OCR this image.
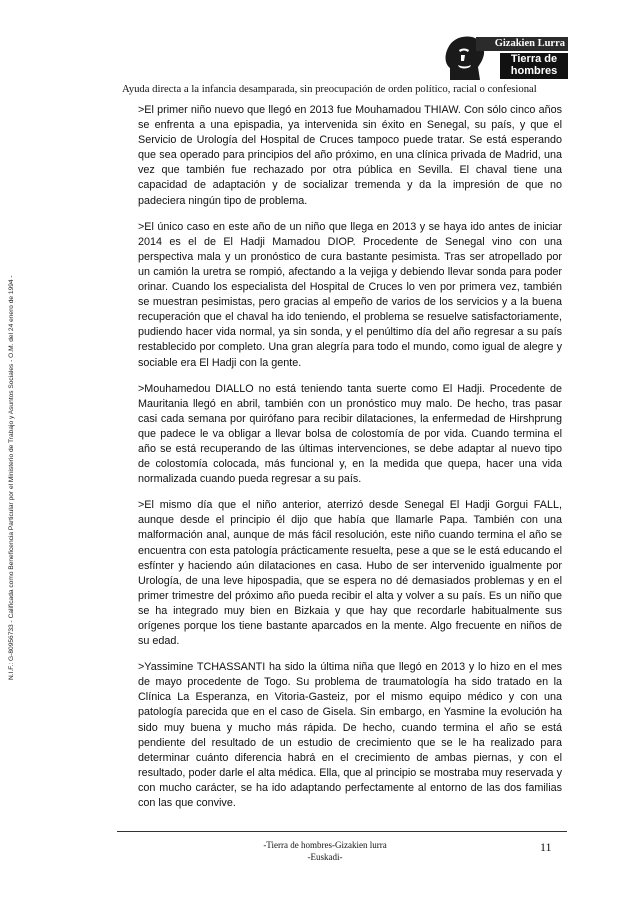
N.I.F.: G-80956733 - Calificada como Beneficencia Particular por el Ministerio de Trabajo y Asuntos Sociales - O.M. del 24 enero de 1994 -
Gizakien Lurra
Tierra de
hombres
Ayuda directa a la infancia desamparada, sin preocupación de orden político, racial o confesional

>El primer niño nuevo que llegó en 2013 fue Mouhamadou THIAW. Con sólo cinco años se enfrenta a una epispadia, ya intervenida sin éxito en Senegal, su país, y que el Servicio de Urología del Hospital de Cruces tampoco puede tratar. Se está esperando que sea operado para principios del año próximo, en una clínica privada de Madrid, una vez que también fue rechazado por otra pública en Sevilla. El chaval tiene una capacidad de adaptación y de socializar tremenda y da la impresión de que no padeciera ningún tipo de problema.

>El único caso en este año de un niño que llega en 2013 y se haya ido antes de iniciar 2014 es el de El Hadji Mamadou DIOP. Procedente de Senegal vino con una perspectiva mala y un pronóstico de cura bastante pesimista. Tras ser atropellado por un camión la uretra se rompió, afectando a la vejiga y debiendo llevar sonda para poder orinar. Cuando los especialista del Hospital de Cruces lo ven por primera vez, también se muestran pesimistas, pero gracias al empeño de varios de los servicios y a la buena recuperación que el chaval ha ido teniendo, el problema se resuelve satisfactoriamente, pudiendo hacer vida normal, ya sin sonda, y el penúltimo día del año regresar a su país restablecido por completo. Una gran alegría para todo el mundo, como igual de alegre y sociable era El Hadji con la gente.

>Mouhamedou DIALLO no está teniendo tanta suerte como El Hadji. Procedente de Mauritania llegó en abril, también con un pronóstico muy malo. De hecho, tras pasar casi cada semana por quirófano para recibir dilataciones, la enfermedad de Hirshprung que padece le va obligar a llevar bolsa de colostomía de por vida. Cuando termina el año se está recuperando de las últimas intervenciones, se debe adaptar al nuevo tipo de colostomía colocada, más funcional y, en la medida que quepa, hacer una vida normalizada cuando pueda regresar a su país.

>El mismo día que el niño anterior, aterrizó desde Senegal El Hadji Gorgui FALL, aunque desde el principio él dijo que había que llamarle Papa. También con una malformación anal, aunque de más fácil resolución, este niño cuando termina el año se encuentra con esta patología prácticamente resuelta, pese a que se le está educando el esfínter y haciendo aún dilataciones en casa. Hubo de ser intervenido igualmente por Urología, de una leve hipospadia, que se espera no dé demasiados problemas y en el primer trimestre del próximo año pueda recibir el alta y volver a su país. Es un niño que se ha integrado muy bien en Bizkaia y que hay que recordarle habitualmente sus orígenes porque los tiene bastante aparcados en la mente. Algo frecuente en niños de su edad.

>Yassimine TCHASSANTI ha sido la última niña que llegó en 2013 y lo hizo en el mes de mayo procedente de Togo. Su problema de traumatología ha sido tratado en la Clínica La Esperanza, en Vitoria-Gasteiz, por el mismo equipo médico y con una patología parecida que en el caso de Gisela. Sin embargo, en Yasmine la evolución ha sido muy buena y mucho más rápida. De hecho, cuando termina el año se está pendiente del resultado de un estudio de crecimiento que se le ha realizado para determinar cuánto diferencia habrá en el crecimiento de ambas piernas, y con el resultado, poder darle el alta médica. Ella, que al principio se mostraba muy reservada y con mucho carácter, se ha ido adaptando perfectamente al entorno de las dos familias con las que convive.

-Tierra de hombres-Gizakien lurra
-Euskadi-
11
